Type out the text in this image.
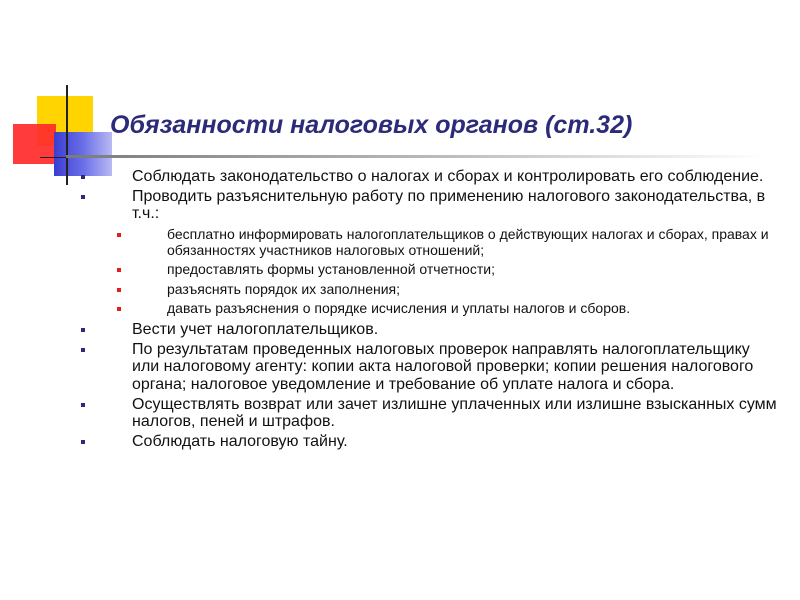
Обязанности налоговых органов (ст.32)

Соблюдать законодательство о налогах и сборах и контролировать его соблюдение.

Проводить разъяснительную работу по применению налогового законодательства, в т.ч.:

бесплатно информировать налогоплательщиков о действующих налогах и сборах, правах и обязанностях участников налоговых отношений;

предоставлять формы установленной отчетности;

разъяснять порядок их заполнения;

давать разъяснения о порядке исчисления и уплаты налогов и сборов.

Вести учет налогоплательщиков.

По результатам проведенных налоговых проверок направлять налогоплательщику или налоговому агенту: копии акта налоговой проверки; копии решения налогового органа; налоговое уведомление и требование об уплате налога и сбора.

Осуществлять возврат или зачет излишне уплаченных или излишне взысканных сумм налогов, пеней и штрафов.

Соблюдать налоговую тайну.
